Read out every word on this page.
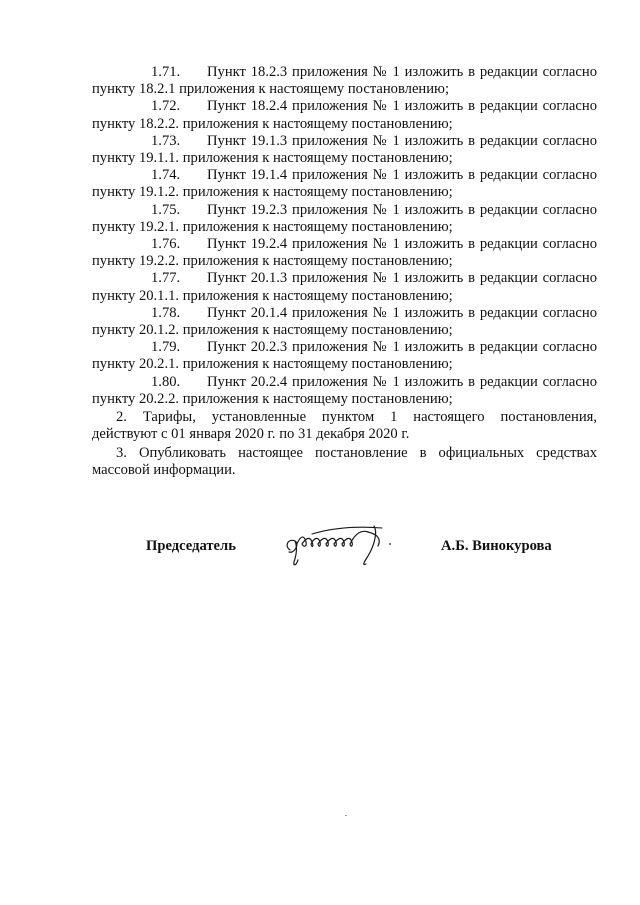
1.71. Пункт 18.2.3 приложения № 1 изложить в редакции согласно
пункту 18.2.1 приложения к настоящему постановлению;
1.72. Пункт 18.2.4 приложения № 1 изложить в редакции согласно
пункту 18.2.2. приложения к настоящему постановлению;
1.73. Пункт 19.1.3 приложения № 1 изложить в редакции согласно
пункту 19.1.1. приложения к настоящему постановлению;
1.74. Пункт 19.1.4 приложения № 1 изложить в редакции согласно
пункту 19.1.2. приложения к настоящему постановлению;
1.75. Пункт 19.2.3 приложения № 1 изложить в редакции согласно
пункту 19.2.1. приложения к настоящему постановлению;
1.76. Пункт 19.2.4 приложения № 1 изложить в редакции согласно
пункту 19.2.2. приложения к настоящему постановлению;
1.77. Пункт 20.1.3 приложения № 1 изложить в редакции согласно
пункту 20.1.1. приложения к настоящему постановлению;
1.78. Пункт 20.1.4 приложения № 1 изложить в редакции согласно
пункту 20.1.2. приложения к настоящему постановлению;
1.79. Пункт 20.2.3 приложения № 1 изложить в редакции согласно
пункту 20.2.1. приложения к настоящему постановлению;
1.80. Пункт 20.2.4 приложения № 1 изложить в редакции согласно
пункту 20.2.2. приложения к настоящему постановлению;
2. Тарифы, установленные пунктом 1 настоящего постановления,
действуют с 01 января 2020 г. по 31 декабря 2020 г.
3. Опубликовать настоящее постановление в официальных средствах
массовой информации.
Председатель	А.Б. Винокурова
